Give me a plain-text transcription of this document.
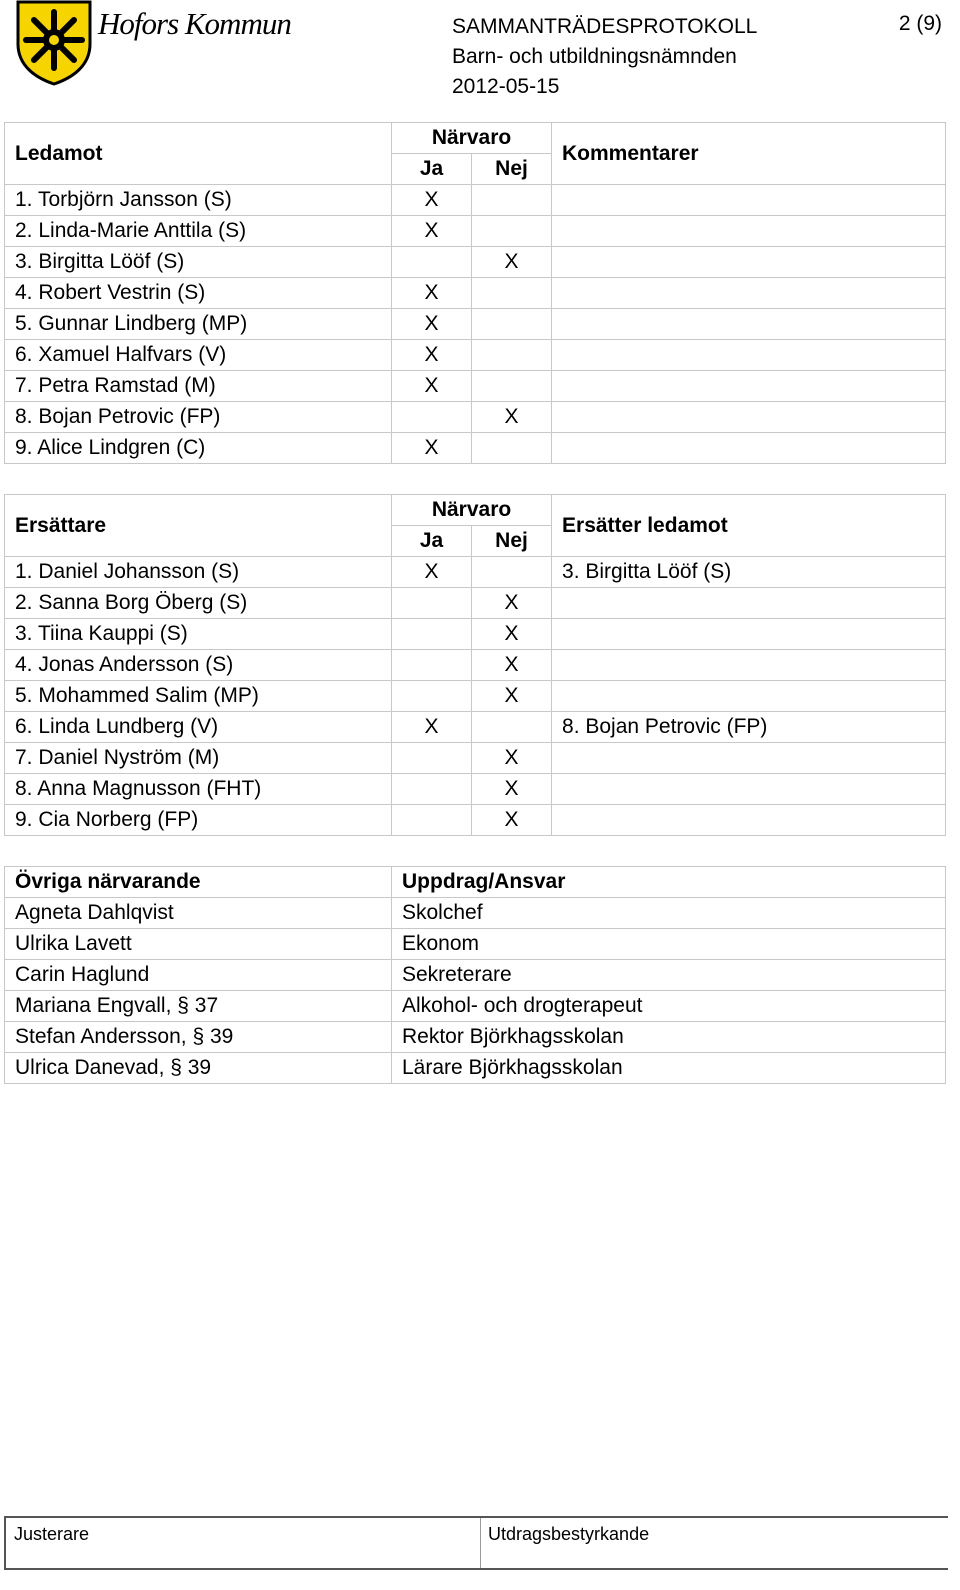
Hofors Kommun	SAMMANTRÄDESPROTOKOLL
Barn- och utbildningsnämnden
2012-05-15
2 (9)
Ledamot	Närvaro		Kommentarer
	Ja	Nej	
1. Torbjörn Jansson (S)	X		
2. Linda-Marie Anttila (S)	X		
3. Birgitta Lööf (S)		X	
4. Robert Vestrin (S)	X		
5. Gunnar Lindberg (MP)	X		
6. Xamuel Halfvars (V)	X		
7. Petra Ramstad (M)	X		
8. Bojan Petrovic (FP)		X	
9. Alice Lindgren (C)	X		
Ersättare	Närvaro		Ersätter ledamot
	Ja	Nej	
1. Daniel Johansson (S)	X		3. Birgitta Lööf (S)
2. Sanna Borg Öberg (S)		X	
3. Tiina Kauppi (S)		X	
4. Jonas Andersson (S)		X	
5. Mohammed Salim (MP)		X	
6. Linda Lundberg (V)	X		8. Bojan Petrovic (FP)
7. Daniel Nyström (M)		X	
8. Anna Magnusson (FHT)		X	
9. Cia Norberg (FP)		X	
Övriga närvarande	Uppdrag/Ansvar
Agneta Dahlqvist	Skolchef
Ulrika Lavett	Ekonom
Carin Haglund	Sekreterare
Mariana Engvall, § 37	Alkohol- och drogterapeut
Stefan Andersson, § 39	Rektor Björkhagsskolan
Ulrica Danevad, § 39	Lärare Björkhagsskolan
Justerare	Utdragsbestyrkande
